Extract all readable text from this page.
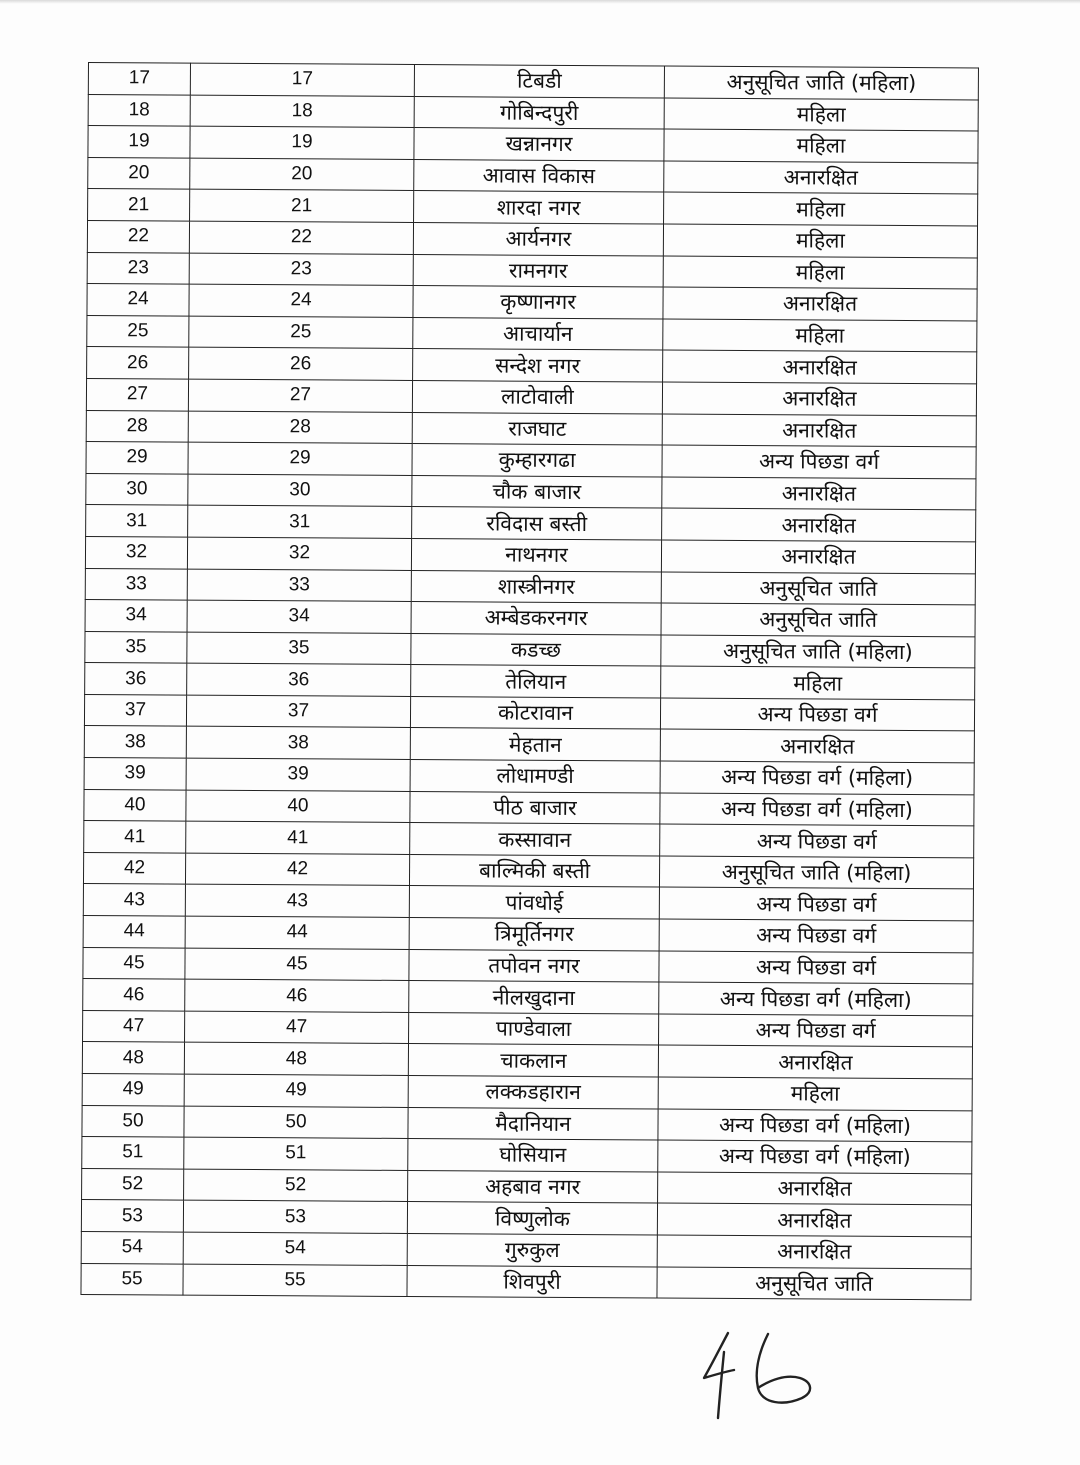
17	17	टिबडी	अनुसूचित जाति (महिला)
18	18	गोबिन्दपुरी	महिला
19	19	खन्नानगर	महिला
20	20	आवास विकास	अनारक्षित
21	21	शारदा नगर	महिला
22	22	आर्यनगर	महिला
23	23	रामनगर	महिला
24	24	कृष्णानगर	अनारक्षित
25	25	आचार्यान	महिला
26	26	सन्देश नगर	अनारक्षित
27	27	लाटोवाली	अनारक्षित
28	28	राजघाट	अनारक्षित
29	29	कुम्हारगढा	अन्य पिछडा वर्ग
30	30	चौक बाजार	अनारक्षित
31	31	रविदास बस्ती	अनारक्षित
32	32	नाथनगर	अनारक्षित
33	33	शास्त्रीनगर	अनुसूचित जाति
34	34	अम्बेडकरनगर	अनुसूचित जाति
35	35	कडच्छ	अनुसूचित जाति (महिला)
36	36	तेलियान	महिला
37	37	कोटरावान	अन्य पिछडा वर्ग
38	38	मेहतान	अनारक्षित
39	39	लोधामण्डी	अन्य पिछडा वर्ग (महिला)
40	40	पीठ बाजार	अन्य पिछडा वर्ग (महिला)
41	41	कस्सावान	अन्य पिछडा वर्ग
42	42	बाल्मिकी बस्ती	अनुसूचित जाति (महिला)
43	43	पांवधोई	अन्य पिछडा वर्ग
44	44	त्रिमूर्तिनगर	अन्य पिछडा वर्ग
45	45	तपोवन नगर	अन्य पिछडा वर्ग
46	46	नीलखुदाना	अन्य पिछडा वर्ग (महिला)
47	47	पाण्डेवाला	अन्य पिछडा वर्ग
48	48	चाकलान	अनारक्षित
49	49	लक्कडहारान	महिला
50	50	मैदानियान	अन्य पिछडा वर्ग (महिला)
51	51	घोसियान	अन्य पिछडा वर्ग (महिला)
52	52	अहबाव नगर	अनारक्षित
53	53	विष्णुलोक	अनारक्षित
54	54	गुरुकुल	अनारक्षित
55	55	शिवपुरी	अनुसूचित जाति
